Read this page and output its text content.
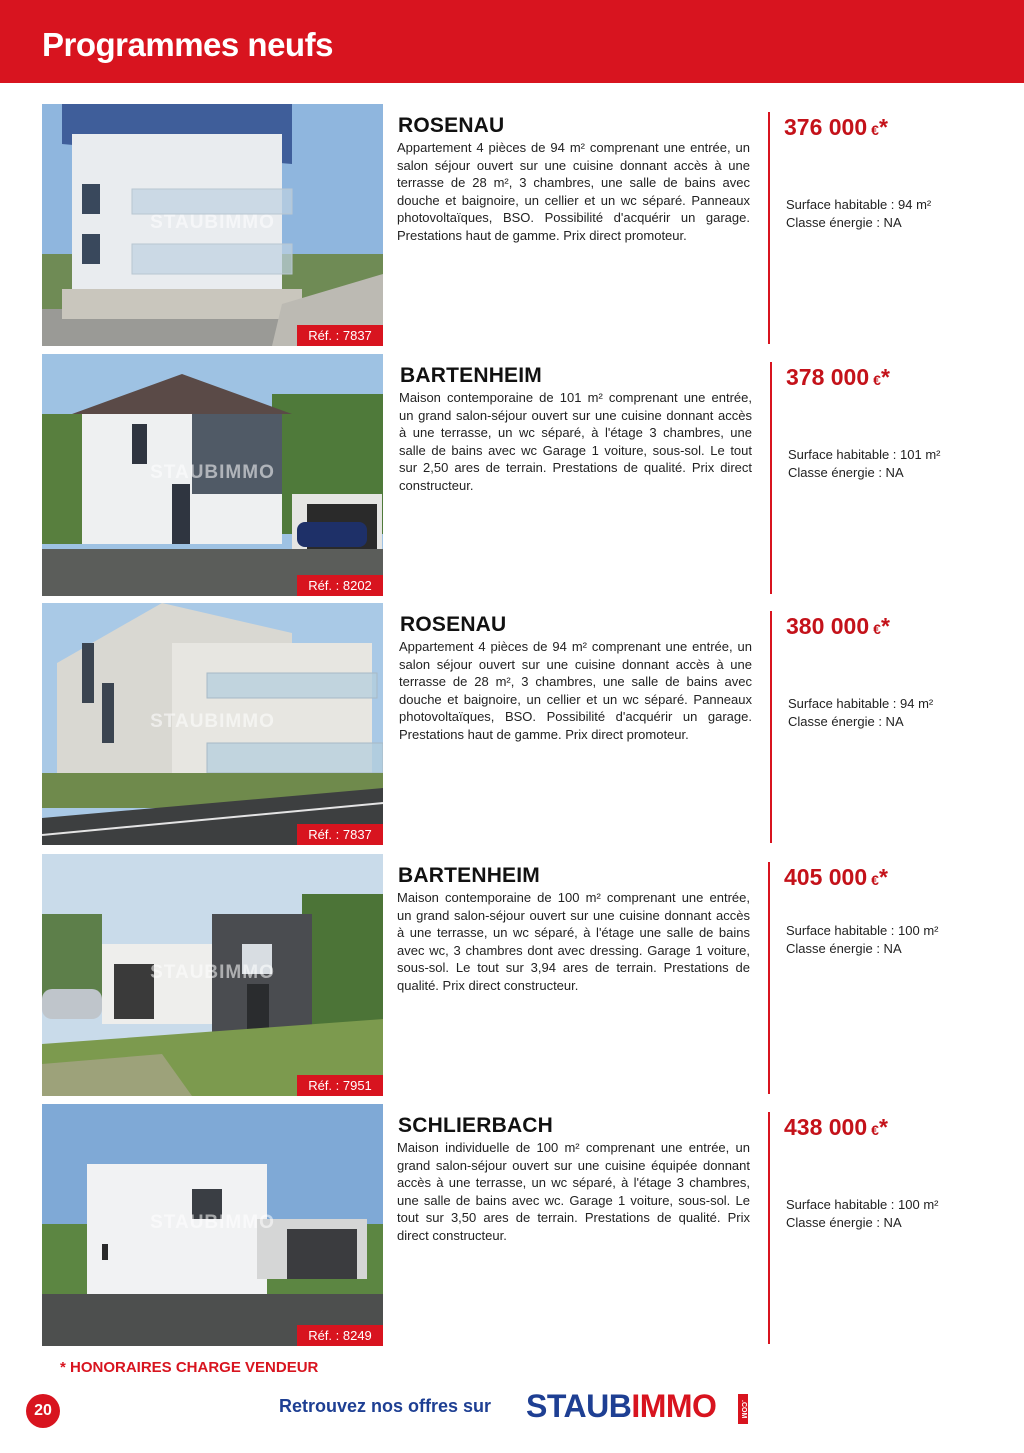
Programmes neufs
STAUBIMMO
Réf. : 7837
ROSENAU
Appartement 4 pièces de 94 m² comprenant une entrée, un salon séjour ouvert sur une cuisine donnant accès à une terrasse de 28 m², 3 chambres, une salle de bains avec douche et baignoire, un cellier et un wc séparé. Panneaux photovoltaïques, BSO. Possibilité d'acquérir un garage. Prestations haut de gamme. Prix direct promoteur.
376 000 €*
Surface habitable : 94 m²
Classe énergie : NA
STAUBIMMO
Réf. : 8202
BARTENHEIM
Maison contemporaine de 101 m² comprenant une entrée, un grand salon-séjour ouvert sur une cuisine donnant accès à une terrasse, un wc séparé, à l'étage 3 chambres, une salle de bains avec wc Garage 1 voiture, sous-sol. Le tout sur 2,50 ares de terrain. Prestations de qualité. Prix direct constructeur.
378 000 €*
Surface habitable : 101 m²
Classe énergie : NA
STAUBIMMO
Réf. : 7837
ROSENAU
Appartement 4 pièces de 94 m² comprenant une entrée, un salon séjour ouvert sur une cuisine donnant accès à une terrasse de 28 m², 3 chambres, une salle de bains avec douche et baignoire, un cellier et un wc séparé. Panneaux photovoltaïques, BSO. Possibilité d'acquérir un garage. Prestations haut de gamme. Prix direct promoteur.
380 000 €*
Surface habitable : 94 m²
Classe énergie : NA
STAUBIMMO
Réf. : 7951
BARTENHEIM
Maison contemporaine de 100 m² comprenant une entrée, un grand salon-séjour ouvert sur une cuisine donnant accès à une terrasse, un wc séparé, à l'étage une salle de bains avec wc, 3 chambres dont avec dressing. Garage 1 voiture, sous-sol. Le tout sur 3,94 ares de terrain. Prestations de qualité. Prix direct constructeur.
405 000 €*
Surface habitable : 100 m²
Classe énergie : NA
STAUBIMMO
Réf. : 8249
SCHLIERBACH
Maison individuelle de 100 m² comprenant une entrée, un grand salon-séjour ouvert sur une cuisine équipée donnant accès à une terrasse, un wc séparé, à l'étage 3 chambres, une salle de bains avec wc. Garage 1 voiture, sous-sol. Le tout sur 3,50 ares de terrain. Prestations de qualité. Prix direct constructeur.
438 000 €*
Surface habitable : 100 m²
Classe énergie : NA
* HONORAIRES CHARGE VENDEUR
20	Retrouvez nos offres sur STAUBIMMO	.COM
